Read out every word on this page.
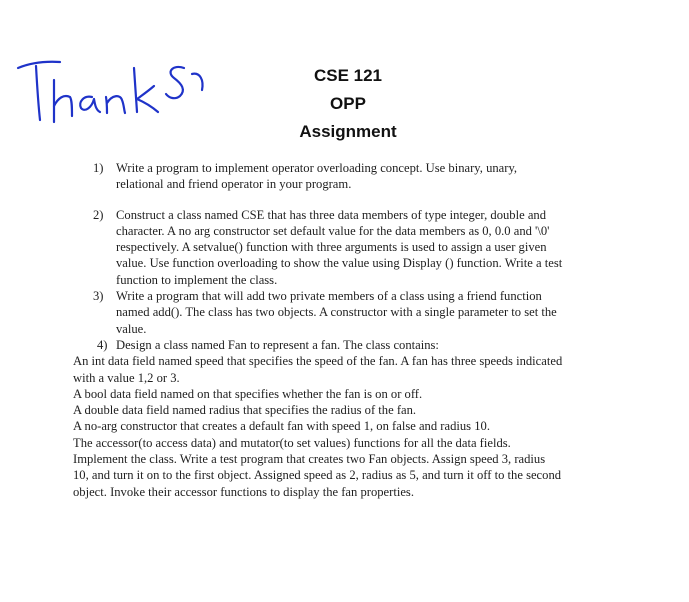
CSE 121
OPP
Assignment
1) Write a program to implement operator overloading concept. Use binary, unary,
relational and friend operator in your program.
2) Construct a class named CSE that has three data members of type integer, double and
character. A no arg constructor set default value for the data members as 0, 0.0 and '\0'
respectively. A setvalue() function with three arguments is used to assign a user given
value. Use function overloading to show the value using Display () function. Write a test
function to implement the class.
3) Write a program that will add two private members of a class using a friend function
named add(). The class has two objects. A constructor with a single parameter to set the
value.
4) Design a class named Fan to represent a fan. The class contains:
An int data field named speed that specifies the speed of the fan. A fan has three speeds indicated
with a value 1,2 or 3.
A bool data field named on that specifies whether the fan is on or off.
A double data field named radius that specifies the radius of the fan.
A no-arg constructor that creates a default fan with speed 1, on false and radius 10.
The accessor(to access data) and mutator(to set values) functions for all the data fields.
Implement the class. Write a test program that creates two Fan objects. Assign speed 3, radius
10, and turn it on to the first object. Assigned speed as 2, radius as 5, and turn it off to the second
object. Invoke their accessor functions to display the fan properties.
